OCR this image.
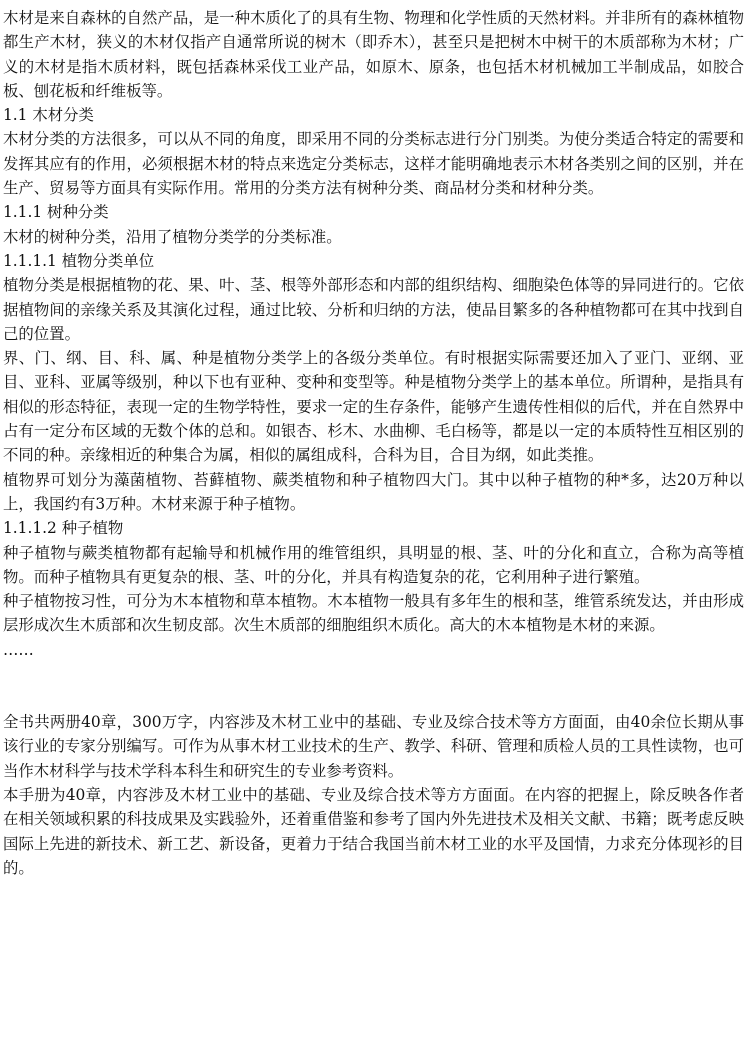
木材是来自森林的自然产品，是一种木质化了的具有生物、物理和化学性质的天然材料。并非所有的森林植物都生产木材，狭义的木材仅指产自通常所说的树木（即乔木），甚至只是把树木中树干的木质部称为木材；广义的木材是指木质材料，既包括森林采伐工业产品，如原木、原条，也包括木材机械加工半制成品，如胶合板、刨花板和纤维板等。

1.1 木材分类

木材分类的方法很多，可以从不同的角度，即采用不同的分类标志进行分门别类。为使分类适合特定的需要和发挥其应有的作用，必须根据木材的特点来选定分类标志，这样才能明确地表示木材各类别之间的区别，并在生产、贸易等方面具有实际作用。常用的分类方法有树种分类、商品材分类和材种分类。

1.1.1 树种分类

木材的树种分类，沿用了植物分类学的分类标准。

1.1.1.1 植物分类单位

植物分类是根据植物的花、果、叶、茎、根等外部形态和内部的组织结构、细胞染色体等的异同进行的。它依据植物间的亲缘关系及其演化过程，通过比较、分析和归纳的方法，使品目繁多的各种植物都可在其中找到自己的位置。

界、门、纲、目、科、属、种是植物分类学上的各级分类单位。有时根据实际需要还加入了亚门、亚纲、亚目、亚科、亚属等级别，种以下也有亚种、变种和变型等。种是植物分类学上的基本单位。所谓种，是指具有相似的形态特征，表现一定的生物学特性，要求一定的生存条件，能够产生遗传性相似的后代，并在自然界中占有一定分布区域的无数个体的总和。如银杏、杉木、水曲柳、毛白杨等，都是以一定的本质特性互相区别的不同的种。亲缘相近的种集合为属，相似的属组成科，合科为目，合目为纲，如此类推。

植物界可划分为藻菌植物、苔藓植物、蕨类植物和种子植物四大门。其中以种子植物的种*多，达20万种以上，我国约有3万种。木材来源于种子植物。

1.1.1.2 种子植物

种子植物与蕨类植物都有起输导和机械作用的维管组织，具明显的根、茎、叶的分化和直立，合称为高等植物。而种子植物具有更复杂的根、茎、叶的分化，并具有构造复杂的花，它利用种子进行繁殖。

种子植物按习性，可分为木本植物和草本植物。木本植物一般具有多年生的根和茎，维管系统发达，并由形成层形成次生木质部和次生韧皮部。次生木质部的细胞组织木质化。高大的木本植物是木材的来源。

……

全书共两册40章，300万字，内容涉及木材工业中的基础、专业及综合技术等方方面面，由40余位长期从事该行业的专家分别编写。可作为从事木材工业技术的生产、教学、科研、管理和质检人员的工具性读物，也可当作木材科学与技术学科本科生和研究生的专业参考资料。

本手册为40章，内容涉及木材工业中的基础、专业及综合技术等方方面面。在内容的把握上，除反映各作者在相关领域积累的科技成果及实践验外，还着重借鉴和参考了国内外先进技术及相关文献、书籍；既考虑反映国际上先进的新技术、新工艺、新设备，更着力于结合我国当前木材工业的水平及国情，力求充分体现衫的目的。
